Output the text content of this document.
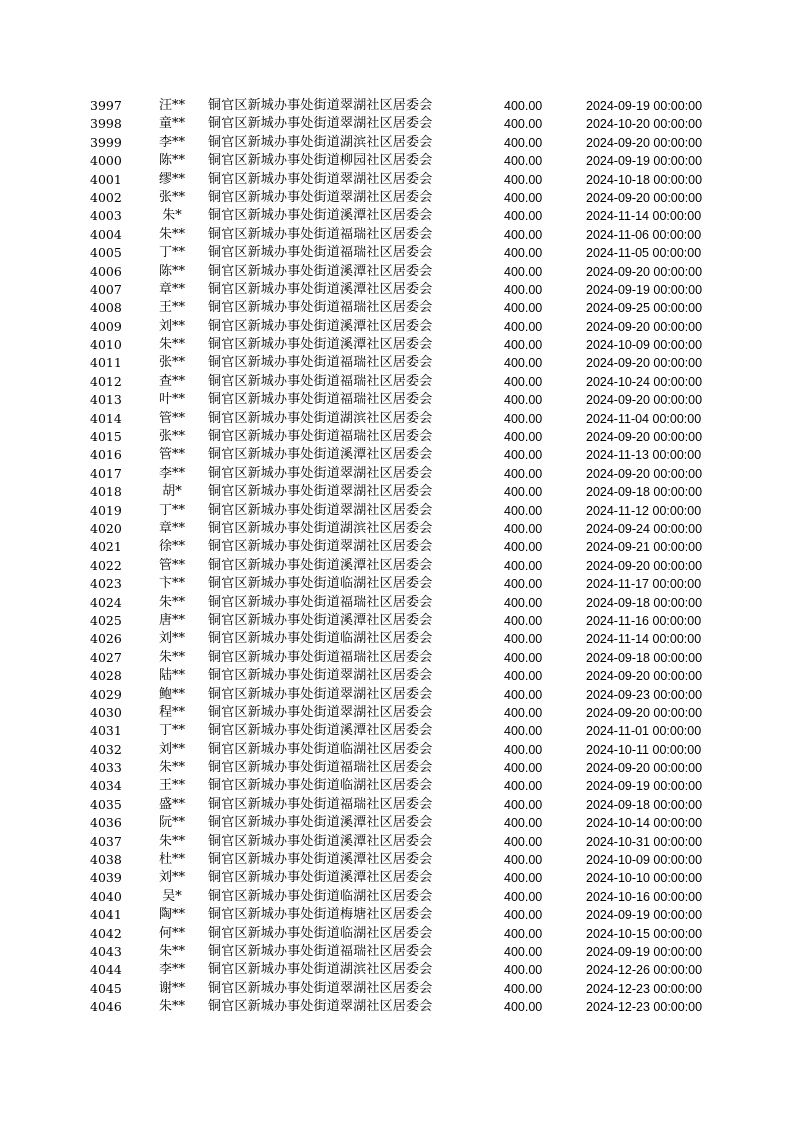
3997	汪**	铜官区新城办事处街道翠湖社区居委会	400.00	2024-09-19 00:00:00
3998	童**	铜官区新城办事处街道翠湖社区居委会	400.00	2024-10-20 00:00:00
3999	李**	铜官区新城办事处街道湖滨社区居委会	400.00	2024-09-20 00:00:00
4000	陈**	铜官区新城办事处街道柳园社区居委会	400.00	2024-09-19 00:00:00
4001	缪**	铜官区新城办事处街道翠湖社区居委会	400.00	2024-10-18 00:00:00
4002	张**	铜官区新城办事处街道翠湖社区居委会	400.00	2024-09-20 00:00:00
4003	朱*	铜官区新城办事处街道溪潭社区居委会	400.00	2024-11-14 00:00:00
4004	朱**	铜官区新城办事处街道福瑞社区居委会	400.00	2024-11-06 00:00:00
4005	丁**	铜官区新城办事处街道福瑞社区居委会	400.00	2024-11-05 00:00:00
4006	陈**	铜官区新城办事处街道溪潭社区居委会	400.00	2024-09-20 00:00:00
4007	章**	铜官区新城办事处街道溪潭社区居委会	400.00	2024-09-19 00:00:00
4008	王**	铜官区新城办事处街道福瑞社区居委会	400.00	2024-09-25 00:00:00
4009	刘**	铜官区新城办事处街道溪潭社区居委会	400.00	2024-09-20 00:00:00
4010	朱**	铜官区新城办事处街道溪潭社区居委会	400.00	2024-10-09 00:00:00
4011	张**	铜官区新城办事处街道福瑞社区居委会	400.00	2024-09-20 00:00:00
4012	查**	铜官区新城办事处街道福瑞社区居委会	400.00	2024-10-24 00:00:00
4013	叶**	铜官区新城办事处街道福瑞社区居委会	400.00	2024-09-20 00:00:00
4014	管**	铜官区新城办事处街道湖滨社区居委会	400.00	2024-11-04 00:00:00
4015	张**	铜官区新城办事处街道福瑞社区居委会	400.00	2024-09-20 00:00:00
4016	管**	铜官区新城办事处街道溪潭社区居委会	400.00	2024-11-13 00:00:00
4017	李**	铜官区新城办事处街道翠湖社区居委会	400.00	2024-09-20 00:00:00
4018	胡*	铜官区新城办事处街道翠湖社区居委会	400.00	2024-09-18 00:00:00
4019	丁**	铜官区新城办事处街道翠湖社区居委会	400.00	2024-11-12 00:00:00
4020	章**	铜官区新城办事处街道湖滨社区居委会	400.00	2024-09-24 00:00:00
4021	徐**	铜官区新城办事处街道翠湖社区居委会	400.00	2024-09-21 00:00:00
4022	管**	铜官区新城办事处街道溪潭社区居委会	400.00	2024-09-20 00:00:00
4023	卞**	铜官区新城办事处街道临湖社区居委会	400.00	2024-11-17 00:00:00
4024	朱**	铜官区新城办事处街道福瑞社区居委会	400.00	2024-09-18 00:00:00
4025	唐**	铜官区新城办事处街道溪潭社区居委会	400.00	2024-11-16 00:00:00
4026	刘**	铜官区新城办事处街道临湖社区居委会	400.00	2024-11-14 00:00:00
4027	朱**	铜官区新城办事处街道福瑞社区居委会	400.00	2024-09-18 00:00:00
4028	陆**	铜官区新城办事处街道翠湖社区居委会	400.00	2024-09-20 00:00:00
4029	鲍**	铜官区新城办事处街道翠湖社区居委会	400.00	2024-09-23 00:00:00
4030	程**	铜官区新城办事处街道翠湖社区居委会	400.00	2024-09-20 00:00:00
4031	丁**	铜官区新城办事处街道溪潭社区居委会	400.00	2024-11-01 00:00:00
4032	刘**	铜官区新城办事处街道临湖社区居委会	400.00	2024-10-11 00:00:00
4033	朱**	铜官区新城办事处街道福瑞社区居委会	400.00	2024-09-20 00:00:00
4034	王**	铜官区新城办事处街道临湖社区居委会	400.00	2024-09-19 00:00:00
4035	盛**	铜官区新城办事处街道福瑞社区居委会	400.00	2024-09-18 00:00:00
4036	阮**	铜官区新城办事处街道溪潭社区居委会	400.00	2024-10-14 00:00:00
4037	朱**	铜官区新城办事处街道溪潭社区居委会	400.00	2024-10-31 00:00:00
4038	杜**	铜官区新城办事处街道溪潭社区居委会	400.00	2024-10-09 00:00:00
4039	刘**	铜官区新城办事处街道溪潭社区居委会	400.00	2024-10-10 00:00:00
4040	吴*	铜官区新城办事处街道临湖社区居委会	400.00	2024-10-16 00:00:00
4041	陶**	铜官区新城办事处街道梅塘社区居委会	400.00	2024-09-19 00:00:00
4042	何**	铜官区新城办事处街道临湖社区居委会	400.00	2024-10-15 00:00:00
4043	朱**	铜官区新城办事处街道福瑞社区居委会	400.00	2024-09-19 00:00:00
4044	李**	铜官区新城办事处街道湖滨社区居委会	400.00	2024-12-26 00:00:00
4045	谢**	铜官区新城办事处街道翠湖社区居委会	400.00	2024-12-23 00:00:00
4046	朱**	铜官区新城办事处街道翠湖社区居委会	400.00	2024-12-23 00:00:00
